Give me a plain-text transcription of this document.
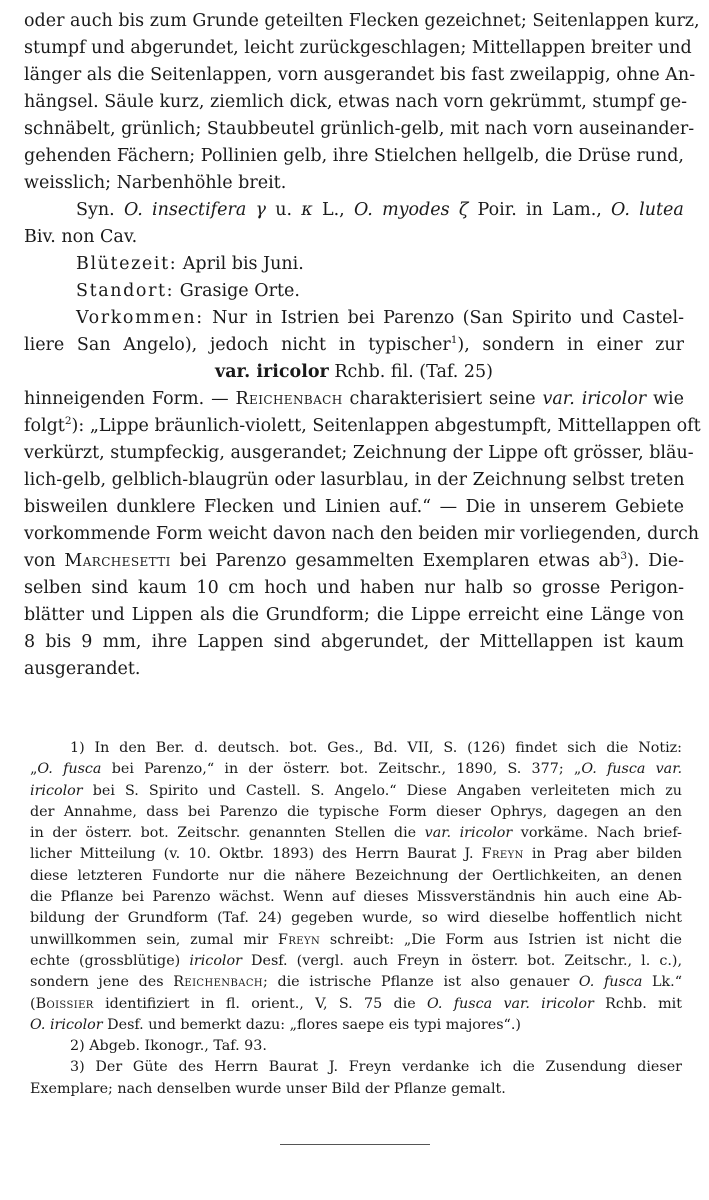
oder auch bis zum Grunde geteilten Flecken gezeichnet; Seitenlappen kurz,
stumpf und abgerundet, leicht zurückgeschlagen; Mittellappen breiter und
länger als die Seitenlappen, vorn ausgerandet bis fast zweilappig, ohne An-
hängsel. Säule kurz, ziemlich dick, etwas nach vorn gekrümmt, stumpf ge-
schnäbelt, grünlich; Staubbeutel grünlich-gelb, mit nach vorn auseinander-
gehenden Fächern; Pollinien gelb, ihre Stielchen hellgelb, die Drüse rund,
weisslich; Narbenhöhle breit.
Syn. O. insectifera γ u. κ L., O. myodes ζ Poir. in Lam., O. lutea
Biv. non Cav.
Blütezeit: April bis Juni.
Standort: Grasige Orte.
Vorkommen: Nur in Istrien bei Parenzo (San Spirito und Castel-
liere San Angelo), jedoch nicht in typischer$^1$), sondern in einer zur
var. iricolor Rchb. fil. (Taf. 25)
hinneigenden Form. — Reichenbach charakterisiert seine var. iricolor wie
folgt$^2$): „Lippe bräunlich-violett, Seitenlappen abgestumpft, Mittellappen oft
verkürzt, stumpfeckig, ausgerandet; Zeichnung der Lippe oft grösser, bläu-
lich-gelb, gelblich-blaugrün oder lasurblau, in der Zeichnung selbst treten
bisweilen dunklere Flecken und Linien auf.“ — Die in unserem Gebiete
vorkommende Form weicht davon nach den beiden mir vorliegenden, durch
von Marchesetti bei Parenzo gesammelten Exemplaren etwas $ab^3$). Die-
selben sind kaum 10 cm hoch und haben nur halb so grosse Perigon-
blätter und Lippen als die Grundform; die Lippe erreicht eine Länge von
8 bis 9 mm, ihre Lappen sind abgerundet, der Mittellappen ist kaum
ausgerandet.
1) In den Ber. d. deutsch. bot. Ges., Bd. VII, S. (126) findet sich die Notiz:
„O. fusca bei Parenzo,“ in der österr. bot. Zeitschr., 1890, S. 377; „O. fusca var.
iricolor bei S. Spirito und Castell. S. Angelo.“ Diese Angaben verleiteten mich zu
der Annahme, dass bei Parenzo die typische Form dieser Ophrys, dagegen an den
in der österr. bot. Zeitschr. genannten Stellen die var. iricolor vorkäme. Nach brief-
licher Mitteilung (v. 10. Oktbr. 1893) des Herrn Baurat J. Freyn in Prag aber bilden
diese letzteren Fundorte nur die nähere Bezeichnung der Oertlichkeiten, an denen
die Pflanze bei Parenzo wächst. Wenn auf dieses Missverständnis hin auch eine Ab-
bildung der Grundform (Taf. 24) gegeben wurde, so wird dieselbe hoffentlich nicht
unwillkommen sein, zumal mir Freyn schreibt: „Die Form aus Istrien ist nicht die
echte (grossblütige) iricolor Desf. (vergl. auch Freyn in österr. bot. Zeitschr., l. c.),
sondern jene des Reichenbach; die istrische Pflanze ist also genauer O. fusca Lk.“
(Boissier identifiziert in fl. orient., V, S. 75 die O. fusca var. iricolor Rchb. mit
O. iricolor Desf. und bemerkt dazu: „flores saepe eis typi majores“.)
2) Abgeb. Ikonogr., Taf. 93.
3) Der Güte des Herrn Baurat J. Freyn verdanke ich die Zusendung dieser
Exemplare; nach denselben wurde unser Bild der Pflanze gemalt.
